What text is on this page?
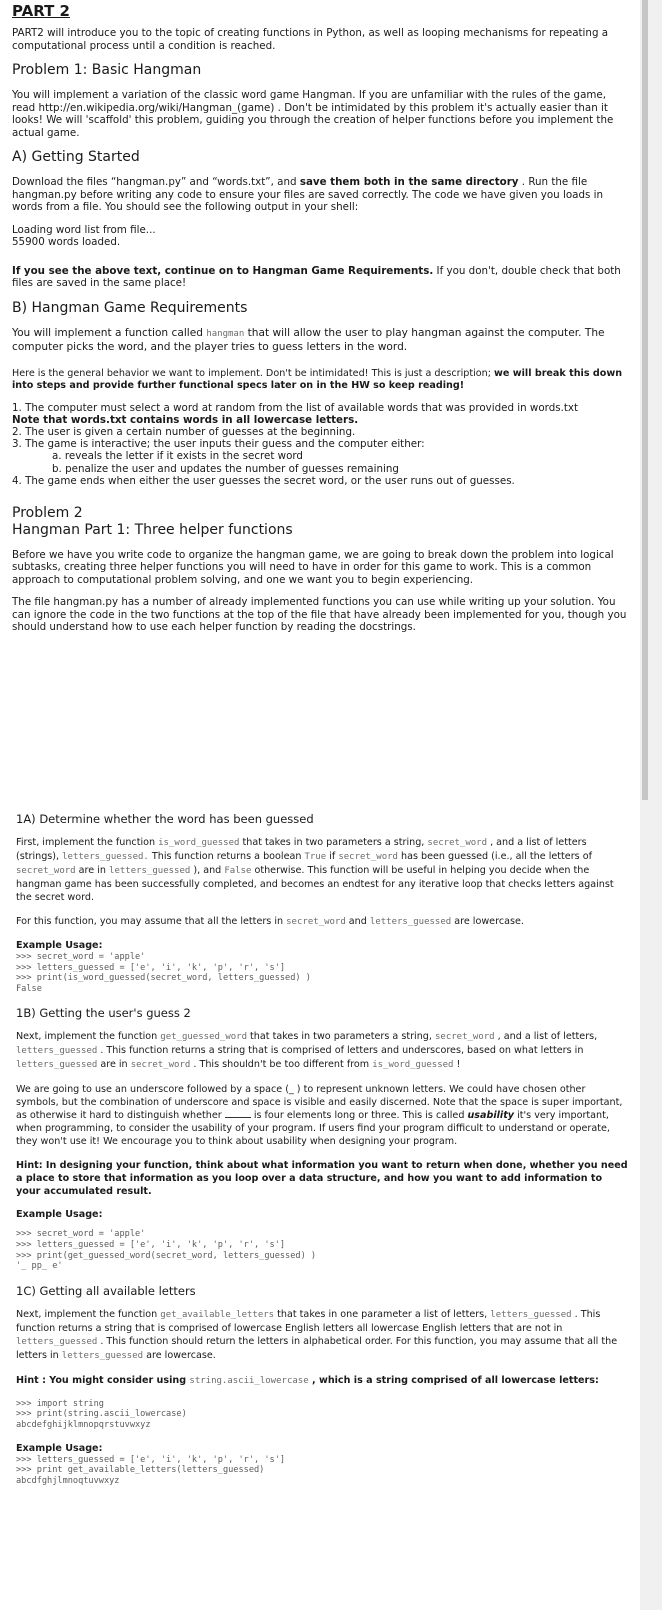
PART 2

PART2 will introduce you to the topic of creating functions in Python, as well as looping mechanisms for repeating a computational process until a condition is reached.

Problem 1: Basic Hangman

You will implement a variation of the classic word game Hangman. If you are unfamiliar with the rules of the game, read http://en.wikipedia.org/wiki/Hangman_(game) . Don't be intimidated by this problem it's actually easier than it looks! We will 'scaffold' this problem, guiding you through the creation of helper functions before you implement the actual game.

A) Getting Started

Download the files “hangman.py” and “words.txt”, and save them both in the same directory . Run the file hangman.py before writing any code to ensure your files are saved correctly. The code we have given you loads in words from a file. You should see the following output in your shell:

Loading word list from file...
55900 words loaded.

If you see the above text, continue on to Hangman Game Requirements. If you don't, double check that both files are saved in the same place!

B) Hangman Game Requirements

You will implement a function called hangman that will allow the user to play hangman against the computer. The computer picks the word, and the player tries to guess letters in the word.

Here is the general behavior we want to implement. Don't be intimidated! This is just a description; we will break this down into steps and provide further functional specs later on in the HW so keep reading!

1. The computer must select a word at random from the list of available words that was provided in words.txt
Note that words.txt contains words in all lowercase letters.
2. The user is given a certain number of guesses at the beginning.
3. The game is interactive; the user inputs their guess and the computer either:
a. reveals the letter if it exists in the secret word
b. penalize the user and updates the number of guesses remaining
4. The game ends when either the user guesses the secret word, or the user runs out of guesses.
Problem 2
Hangman Part 1: Three helper functions

Before we have you write code to organize the hangman game, we are going to break down the problem into logical subtasks, creating three helper functions you will need to have in order for this game to work. This is a common approach to computational problem solving, and one we want you to begin experiencing.

The file hangman.py has a number of already implemented functions you can use while writing up your solution. You can ignore the code in the two functions at the top of the file that have already been implemented for you, though you should understand how to use each helper function by reading the docstrings.

1A) Determine whether the word has been guessed

First, implement the function is_word_guessed that takes in two parameters a string, secret_word , and a list of letters (strings), letters_guessed. This function returns a boolean True if secret_word has been guessed (i.e., all the letters of secret_word are in letters_guessed ), and False otherwise. This function will be useful in helping you decide when the hangman game has been successfully completed, and becomes an endtest for any iterative loop that checks letters against the secret word.

For this function, you may assume that all the letters in secret_word and letters_guessed are lowercase.

Example Usage:
>>> secret_word = 'apple'
>>> letters_guessed = ['e', 'i', 'k', 'p', 'r', 's']
>>> print(is_word_guessed(secret_word, letters_guessed) )
False
1B) Getting the user's guess 2

Next, implement the function get_guessed_word that takes in two parameters a string, secret_word , and a list of letters, letters_guessed . This function returns a string that is comprised of letters and underscores, based on what letters in letters_guessed are in secret_word . This shouldn't be too different from is_word_guessed !

We are going to use an underscore followed by a space (_ ) to represent unknown letters. We could have chosen other symbols, but the combination of underscore and space is visible and easily discerned. Note that the space is super important, as otherwise it hard to distinguish whether	is four elements long or three. This is called usability it's very important, when programming, to consider the usability of your program. If users find your program difficult to understand or operate, they won't use it! We encourage you to think about usability when designing your program.

Hint: In designing your function, think about what information you want to return when done, whether you need a place to store that information as you loop over a data structure, and how you want to add information to your accumulated result.

Example Usage:
>>> secret_word = 'apple'
>>> letters_guessed = ['e', 'i', 'k', 'p', 'r', 's']
>>> print(get_guessed_word(secret_word, letters_guessed) )
'_ pp_ e'
1C) Getting all available letters

Next, implement the function get_available_letters that takes in one parameter a list of letters, letters_guessed . This function returns a string that is comprised of lowercase English letters all lowercase English letters that are not in letters_guessed . This function should return the letters in alphabetical order. For this function, you may assume that all the letters in letters_guessed are lowercase.

Hint : You might consider using string.ascii_lowercase , which is a string comprised of all lowercase letters:

>>> import string
>>> print(string.ascii_lowercase)
abcdefghijklmnopqrstuvwxyz
Example Usage:
>>> letters_guessed = ['e', 'i', 'k', 'p', 'r', 's']
>>> print get_available_letters(letters_guessed)
abcdfghjlmnoqtuvwxyz
